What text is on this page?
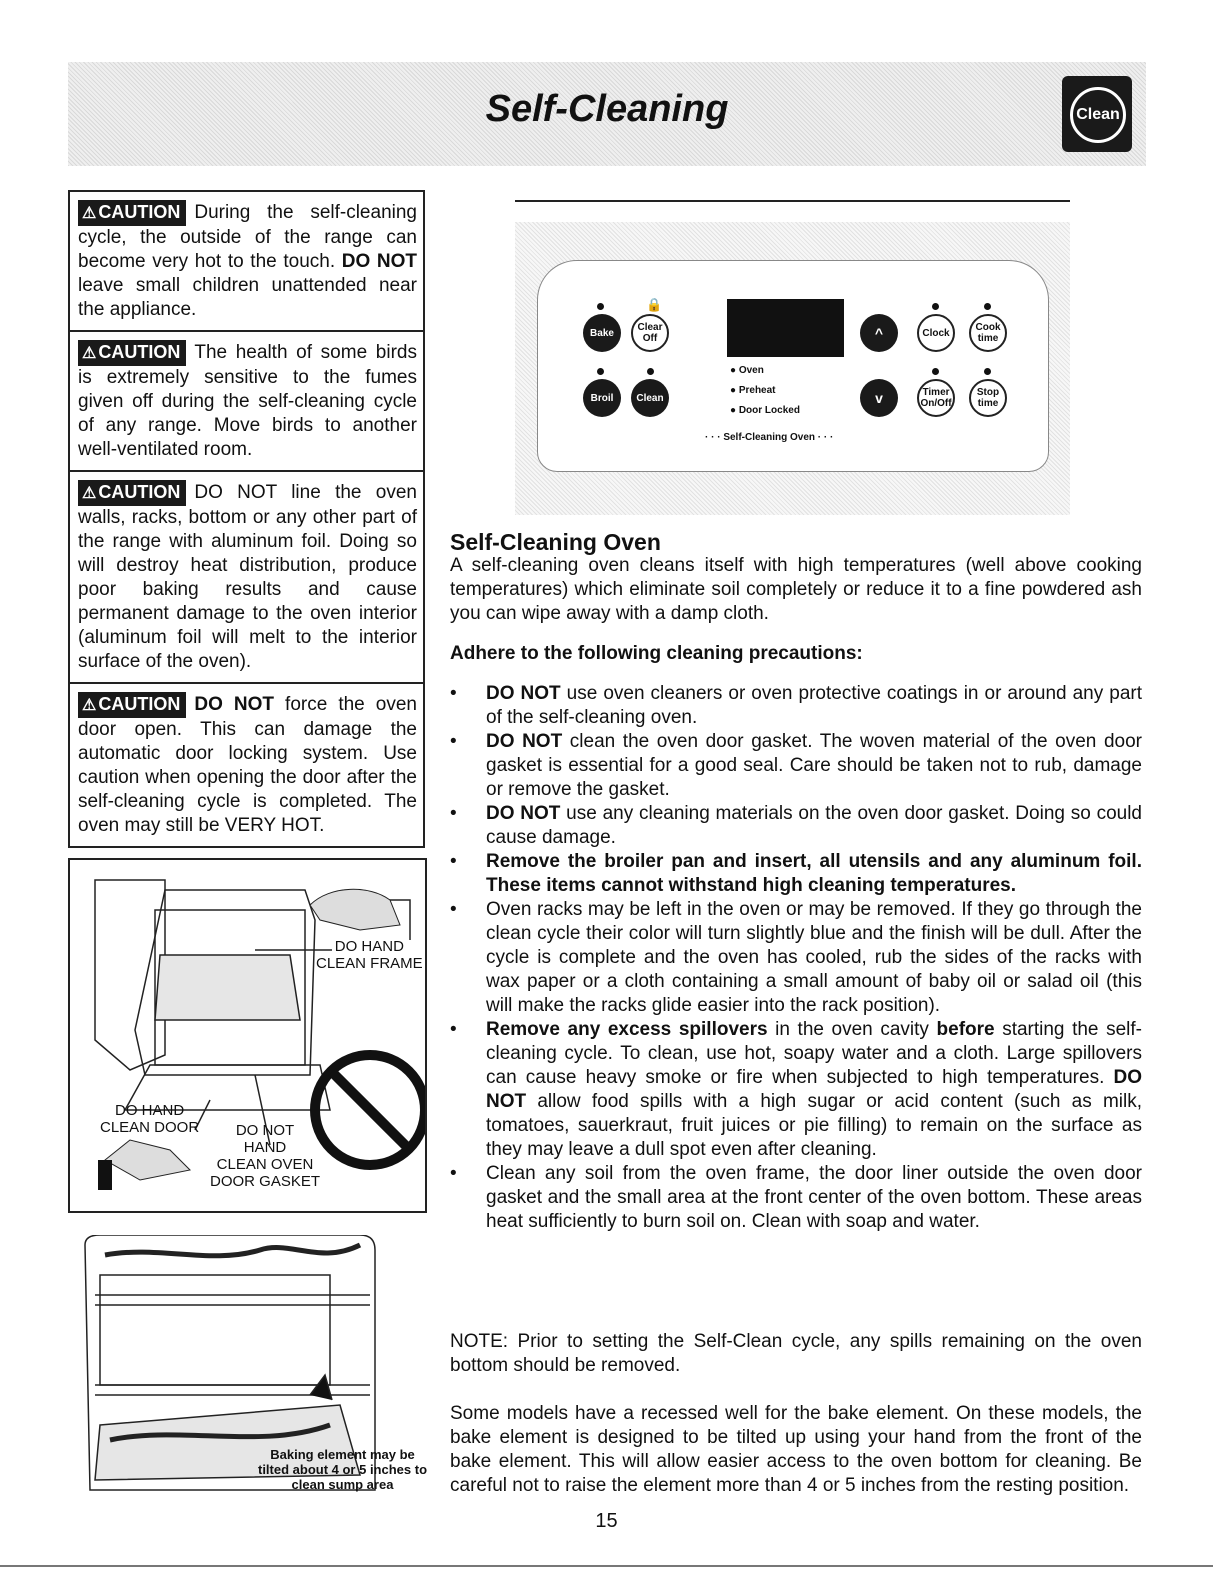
Self-Cleaning	Clean
⚠ CAUTION During the self-cleaning cycle, the outside of the range can become very hot to the touch. DO NOT leave small children unattended near the appliance.
⚠ CAUTION The health of some birds is extremely sensitive to the fumes given off during the self-cleaning cycle of any range. Move birds to another well-ventilated room.
⚠ CAUTION DO NOT line the oven walls, racks, bottom or any other part of the range with aluminum foil. Doing so will destroy heat distribution, produce poor baking results and cause permanent damage to the oven interior (aluminum foil will melt to the interior surface of the oven).
⚠ CAUTION DO NOT force the oven door open. This can damage the automatic door locking system. Use caution when opening the door after the self-cleaning cycle is completed. The oven may still be VERY HOT.
DO HAND
CLEAN FRAME
DO HAND
CLEAN DOOR	DO NOT
HAND
CLEAN OVEN
DOOR GASKET
Baking element may be tilted about 4 or 5 inches to clean sump area
🔒
Bake	Clear Off
Broil	Clean
● Oven
● Preheat
● Door Locked
· · · Self-Cleaning Oven · · ·
^
v
Clock	Cook time
Timer On/Off
Stop time
Self-Cleaning Oven
A self-cleaning oven cleans itself with high temperatures (well above cooking temperatures) which eliminate soil completely or reduce it to a fine powdered ash you can wipe away with a damp cloth.
Adhere to the following cleaning precautions:
• DO NOT use oven cleaners or oven protective coatings in or around any part of the self-cleaning oven.
• DO NOT clean the oven door gasket. The woven material of the oven door gasket is essential for a good seal. Care should be taken not to rub, damage or remove the gasket.
• DO NOT use any cleaning materials on the oven door gasket. Doing so could cause damage.
• Remove the broiler pan and insert, all utensils and any aluminum foil. These items cannot withstand high cleaning temperatures.
• Oven racks may be left in the oven or may be removed. If they go through the clean cycle their color will turn slightly blue and the finish will be dull. After the cycle is complete and the oven has cooled, rub the sides of the racks with wax paper or a cloth containing a small amount of baby oil or salad oil (this will make the racks glide easier into the rack position).
• Remove any excess spillovers in the oven cavity before starting the self-cleaning cycle. To clean, use hot, soapy water and a cloth. Large spillovers can cause heavy smoke or fire when subjected to high temperatures. DO NOT allow food spills with a high sugar or acid content (such as milk, tomatoes, sauerkraut, fruit juices or pie filling) to remain on the surface as they may leave a dull spot even after cleaning.
• Clean any soil from the oven frame, the door liner outside the oven door gasket and the small area at the front center of the oven bottom. These areas heat sufficiently to burn soil on. Clean with soap and water.
NOTE: Prior to setting the Self-Clean cycle, any spills remaining on the oven bottom should be removed.
Some models have a recessed well for the bake element. On these models, the bake element is designed to be tilted up using your hand from the front of the bake element. This will allow easier access to the oven bottom for cleaning. Be careful not to raise the element more than 4 or 5 inches from the resting position.
15
